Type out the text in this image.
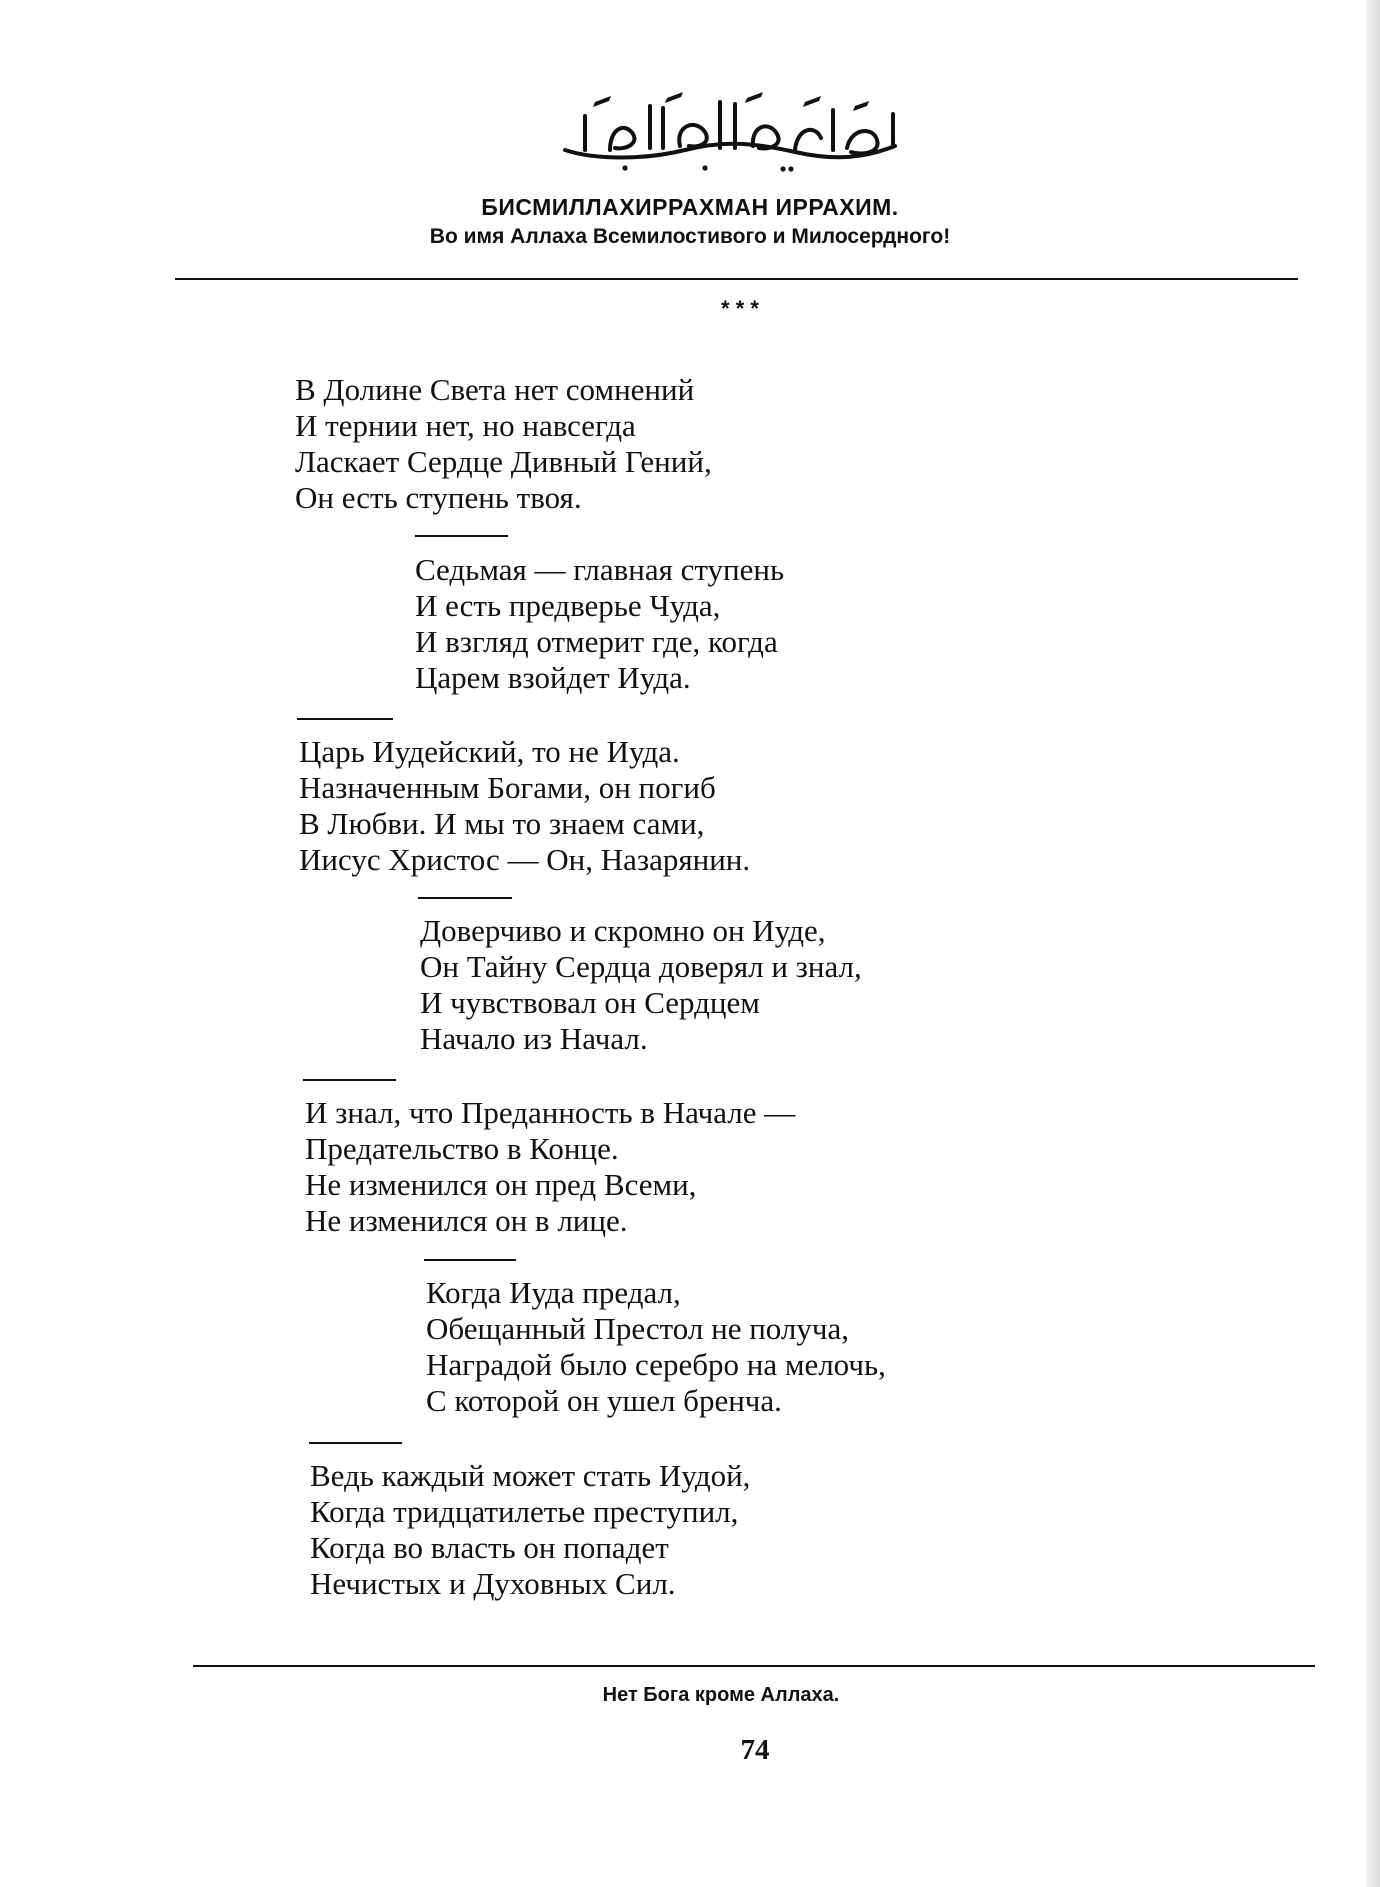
БИСМИЛЛАХИРРАХМАН ИРРАХИМ.
Во имя Аллаха Всемилостивого и Милосердного!
* * *
В Долине Света нет сомнений
И тернии нет, но навсегда
Ласкает Сердце Дивный Гений,
Он есть ступень твоя.
Седьмая — главная ступень
И есть предверье Чуда,
И взгляд отмерит где, когда
Царем взойдет Иуда.
Царь Иудейский, то не Иуда.
Назначенным Богами, он погиб
В Любви. И мы то знаем сами,
Иисус Христос — Он, Назарянин.
Доверчиво и скромно он Иуде,
Он Тайну Сердца доверял и знал,
И чувствовал он Сердцем
Начало из Начал.
И знал, что Преданность в Начале —
Предательство в Конце.
Не изменился он пред Всеми,
Не изменился он в лице.
Когда Иуда предал,
Обещанный Престол не получа,
Наградой было серебро на мелочь,
С которой он ушел бренча.
Ведь каждый может стать Иудой,
Когда тридцатилетье преступил,
Когда во власть он попадет
Нечистых и Духовных Сил.
Нет Бога кроме Аллаха.
74
